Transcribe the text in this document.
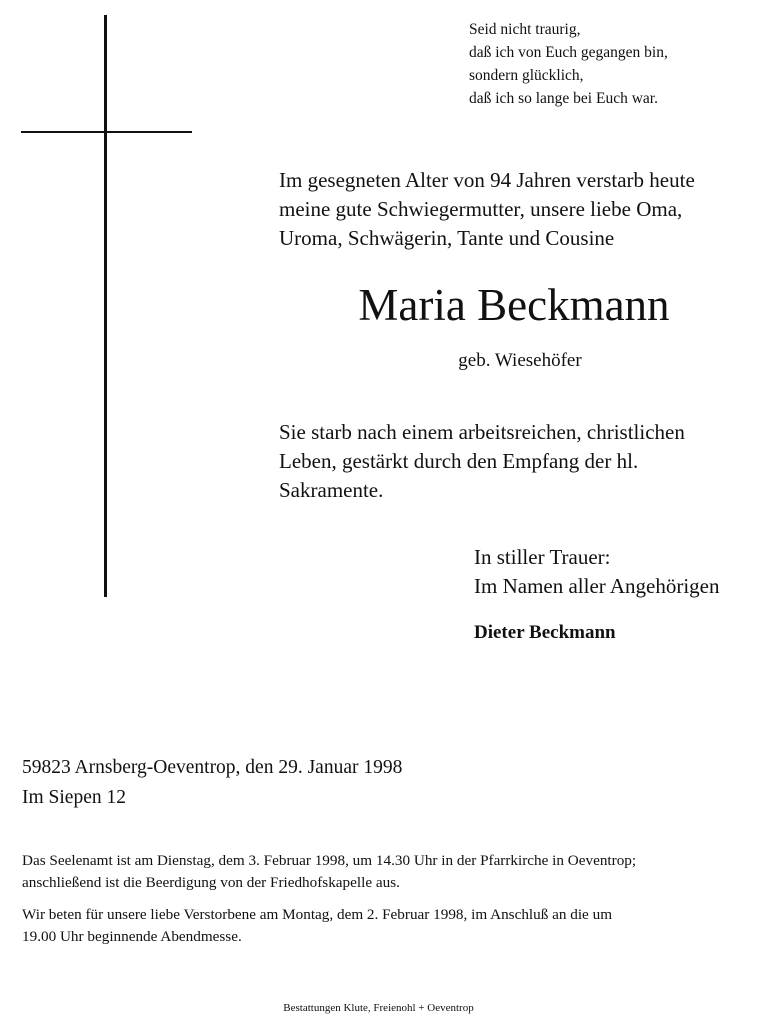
Seid nicht traurig,
daß ich von Euch gegangen bin,
sondern glücklich,
daß ich so lange bei Euch war.
Im gesegneten Alter von 94 Jahren verstarb heute
meine gute Schwiegermutter, unsere liebe Oma,
Uroma, Schwägerin, Tante und Cousine
Maria Beckmann
geb. Wiesehöfer
Sie starb nach einem arbeitsreichen, christlichen
Leben, gestärkt durch den Empfang der hl.
Sakramente.
In stiller Trauer:
Im Namen aller Angehörigen
Dieter Beckmann
59823 Arnsberg-Oeventrop, den 29. Januar 1998
Im Siepen 12
Das Seelenamt ist am Dienstag, dem 3. Februar 1998, um 14.30 Uhr in der Pfarrkirche in Oeventrop;
anschließend ist die Beerdigung von der Friedhofskapelle aus.
Wir beten für unsere liebe Verstorbene am Montag, dem 2. Februar 1998, im Anschluß an die um
19.00 Uhr beginnende Abendmesse.
Bestattungen Klute, Freienohl + Oeventrop
